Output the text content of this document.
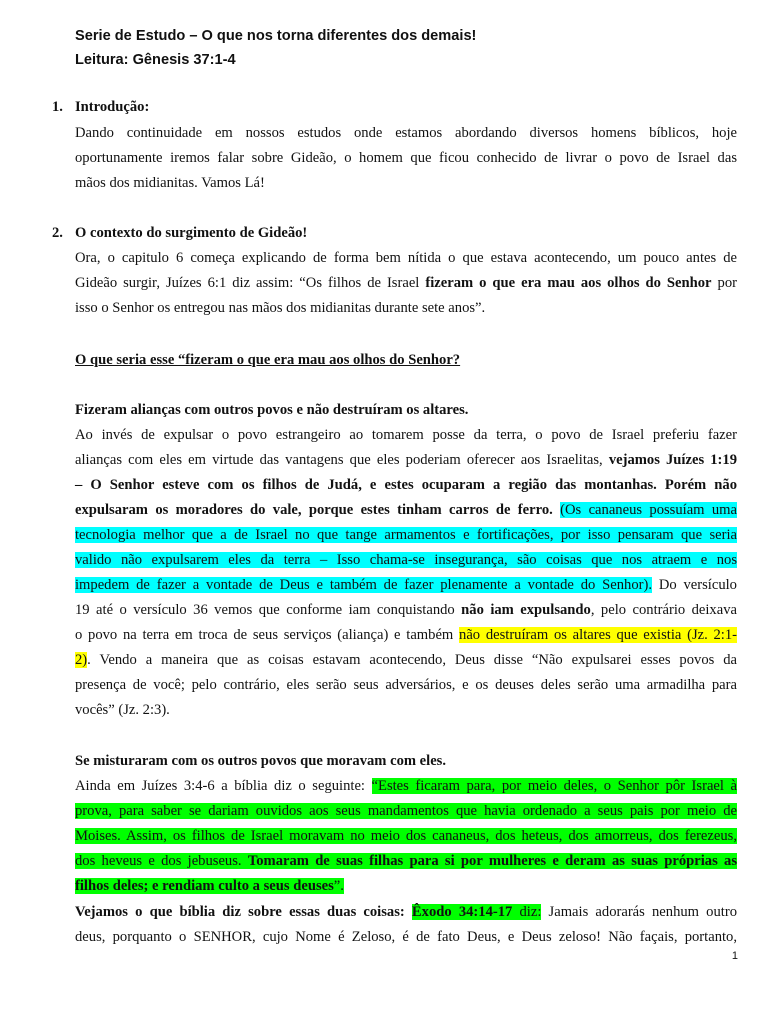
Serie de Estudo – O que nos torna diferentes dos demais!
Leitura: Gênesis 37:1-4
1. Introdução:
Dando continuidade em nossos estudos onde estamos abordando diversos homens bíblicos, hoje
oportunamente iremos falar sobre Gideão, o homem que ficou conhecido de livrar o povo de Israel das
mãos dos midianitas. Vamos Lá!
2. O contexto do surgimento de Gideão!
Ora, o capitulo 6 começa explicando de forma bem nítida o que estava acontecendo, um pouco antes de
Gideão surgir, Juízes 6:1 diz assim: “Os filhos de Israel fizeram o que era mau aos olhos do Senhor por
isso o Senhor os entregou nas mãos dos midianitas durante sete anos”.
O que seria esse “fizeram o que era mau aos olhos do Senhor?
Fizeram alianças com outros povos e não destruíram os altares.
Ao invés de expulsar o povo estrangeiro ao tomarem posse da terra, o povo de Israel preferiu fazer
alianças com eles em virtude das vantagens que eles poderiam oferecer aos Israelitas, vejamos Juízes 1:19
– O Senhor esteve com os filhos de Judá, e estes ocuparam a região das montanhas. Porém não
expulsaram os moradores do vale, porque estes tinham carros de ferro. (Os cananeus possuíam uma
tecnologia melhor que a de Israel no que tange armamentos e fortificações, por isso pensaram que seria
valido não expulsarem eles da terra – Isso chama-se insegurança, são coisas que nos atraem e nos
impedem de fazer a vontade de Deus e também de fazer plenamente a vontade do Senhor). Do versículo
19 até o versículo 36 vemos que conforme iam conquistando não iam expulsando, pelo contrário deixava
o povo na terra em troca de seus serviços (aliança) e também não destruíram os altares que existia (Jz. 2:1-
2). Vendo a maneira que as coisas estavam acontecendo, Deus disse “Não expulsarei esses povos da
presença de você; pelo contrário, eles serão seus adversários, e os deuses deles serão uma armadilha para
vocês” (Jz. 2:3).
Se misturaram com os outros povos que moravam com eles.
Ainda em Juízes 3:4-6 a bíblia diz o seguinte: “Estes ficaram para, por meio deles, o Senhor pôr Israel à
prova, para saber se dariam ouvidos aos seus mandamentos que havia ordenado a seus pais por meio de
Moises. Assim, os filhos de Israel moravam no meio dos cananeus, dos heteus, dos amorreus, dos ferezeus,
dos heveus e dos jebuseus. Tomaram de suas filhas para si por mulheres e deram as suas próprias as
filhos deles; e rendiam culto a seus deuses”.
Vejamos o que bíblia diz sobre essas duas coisas: Êxodo 34:14-17 diz: Jamais adorarás nenhum outro
deus, porquanto o SENHOR, cujo Nome é Zeloso, é de fato Deus, e Deus zeloso! Não façais, portanto,
1
